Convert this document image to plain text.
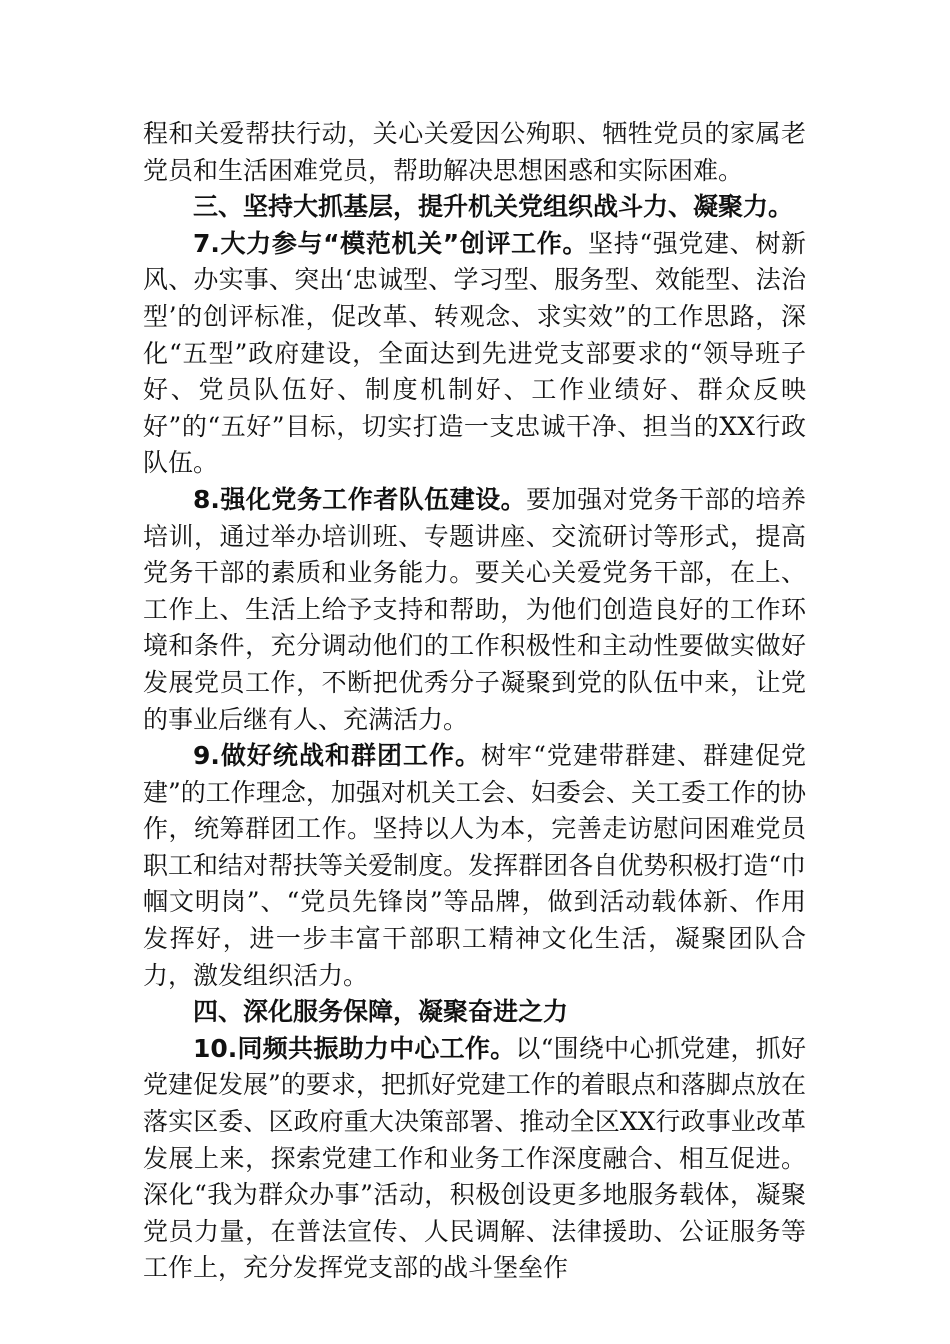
程和关爱帮扶行动，关心关爱因公殉职、牺牲党员的家属老党员和生活困难党员，帮助解决思想困惑和实际困难。

三、坚持大抓基层，提升机关党组织战斗力、凝聚力。

7.大力参与“模范机关”创评工作。坚持“强党建、树新风、办实事、突出‘忠诚型、学习型、服务型、效能型、法治型’的创评标准，促改革、转观念、求实效”的工作思路，深化“五型”政府建设，全面达到先进党支部要求的“领导班子好、党员队伍好、制度机制好、工作业绩好、群众反映好”的“五好”目标，切实打造一支忠诚干净、担当的XX行政队伍。

8.强化党务工作者队伍建设。要加强对党务干部的培养培训，通过举办培训班、专题讲座、交流研讨等形式，提高党务干部的素质和业务能力。要关心关爱党务干部，在上、工作上、生活上给予支持和帮助，为他们创造良好的工作环境和条件，充分调动他们的工作积极性和主动性要做实做好发展党员工作，不断把优秀分子凝聚到党的队伍中来，让党的事业后继有人、充满活力。

9.做好统战和群团工作。树牢“党建带群建、群建促党建”的工作理念，加强对机关工会、妇委会、关工委工作的协作，统筹群团工作。坚持以人为本，完善走访慰问困难党员职工和结对帮扶等关爱制度。发挥群团各自优势积极打造“巾帼文明岗”、“党员先锋岗”等品牌，做到活动载体新、作用发挥好，进一步丰富干部职工精神文化生活，凝聚团队合力，激发组织活力。

四、深化服务保障，凝聚奋进之力

10.同频共振助力中心工作。以“围绕中心抓党建，抓好党建促发展”的要求，把抓好党建工作的着眼点和落脚点放在落实区委、区政府重大决策部署、推动全区XX行政事业改革发展上来，探索党建工作和业务工作深度融合、相互促进。深化“我为群众办事”活动，积极创设更多地服务载体，凝聚党员力量，在普法宣传、人民调解、法律援助、公证服务等工作上，充分发挥党支部的战斗堡垒作
